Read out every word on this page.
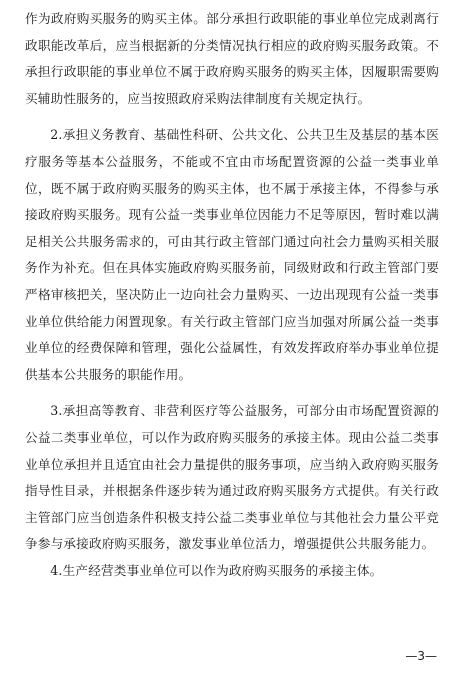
作为政府购买服务的购买主体。部分承担行政职能的事业单位完成剥离行政职能改革后，应当根据新的分类情况执行相应的政府购买服务政策。不承担行政职能的事业单位不属于政府购买服务的购买主体，因履职需要购买辅助性服务的，应当按照政府采购法律制度有关规定执行。

2.承担义务教育、基础性科研、公共文化、公共卫生及基层的基本医疗服务等基本公益服务，不能或不宜由市场配置资源的公益一类事业单位，既不属于政府购买服务的购买主体，也不属于承接主体，不得参与承接政府购买服务。现有公益一类事业单位因能力不足等原因，暂时难以满足相关公共服务需求的，可由其行政主管部门通过向社会力量购买相关服务作为补充。但在具体实施政府购买服务前，同级财政和行政主管部门要严格审核把关，坚决防止一边向社会力量购买、一边出现现有公益一类事业单位供给能力闲置现象。有关行政主管部门应当加强对所属公益一类事业单位的经费保障和管理，强化公益属性，有效发挥政府举办事业单位提供基本公共服务的职能作用。

3.承担高等教育、非营利医疗等公益服务，可部分由市场配置资源的公益二类事业单位，可以作为政府购买服务的承接主体。现由公益二类事业单位承担并且适宜由社会力量提供的服务事项，应当纳入政府购买服务指导性目录，并根据条件逐步转为通过政府购买服务方式提供。有关行政主管部门应当创造条件积极支持公益二类事业单位与其他社会力量公平竞争参与承接政府购买服务，激发事业单位活力，增强提供公共服务能力。

4.生产经营类事业单位可以作为政府购买服务的承接主体。

—3—
